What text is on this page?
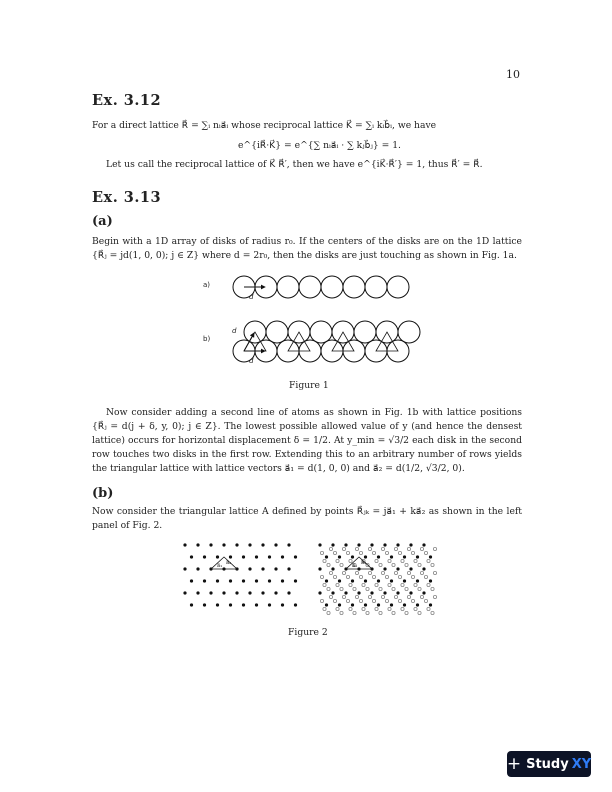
10
Ex. 3.12

For a direct lattice R⃗ = ∑ᵢ nᵢa⃗ᵢ whose reciprocal lattice K⃗ = ∑ᵢ kᵢb⃗ᵢ, we have

e^{iR⃗·K⃗} = e^{∑ nᵢa⃗ᵢ · ∑ kⱼb⃗ⱼ} = 1.

Let us call the reciprocal lattice of K⃗ R⃗′, then we have e^{iK⃗·R⃗′} = 1, thus R⃗′ = R⃗.

Ex. 3.13
(a)

Begin with a 1D array of disks of radius r₀. If the centers of the disks are on the 1D lattice {R⃗ⱼ = jd(1, 0, 0); j ∈ Z} where d = 2r₀, then the disks are just touching as shown in Fig. 1a.

a)
b)
d
d
d
Figure 1

Now consider adding a second line of atoms as shown in Fig. 1b with lattice positions {R⃗ⱼ = d(j + δ, y, 0); j ∈ Z}. The lowest possible allowed value of y (and hence the densest lattice) occurs for horizontal displacement δ = 1/2. At y_min = √3/2 each disk in the second row touches two disks in the first row. Extending this to an arbitrary number of rows yields the triangular lattice with lattice vectors a⃗₁ = d(1, 0, 0) and a⃗₂ = d(1/2, √3/2, 0).

(b)

Now consider the triangular lattice A defined by points R⃗ⱼₖ = ja⃗₁ + ka⃗₂ as shown in the left panel of Fig. 2.

a⃗₁ a⃗₂	a⃗₁ a⃗₂
Figure 2
+ Study XY
